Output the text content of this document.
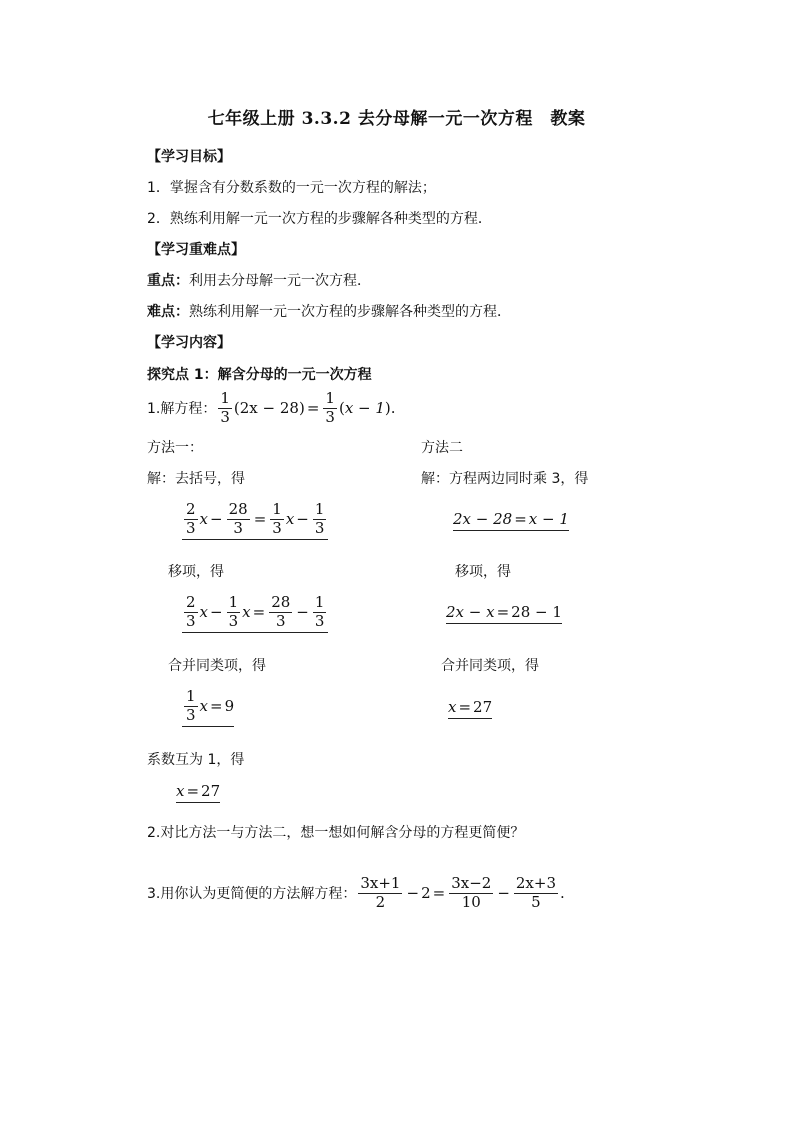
七年级上册 3.3.2 去分母解一元一次方程　教案
【学习目标】
1．掌握含有分数系数的一元一次方程的解法；
2．熟练利用解一元一次方程的步骤解各种类型的方程．
【学习重难点】
重点：利用去分母解一元一次方程．
难点：熟练利用解一元一次方程的步骤解各种类型的方程．
【学习内容】
探究点 1：解含分母的一元一次方程
1.解方程： $\frac{1}{3}$ ( 2x − 28 ) = $\frac{1}{3}$ ( x − 1 ) .
方法一：	方法二
解：去括号，得	解：方程两边同时乘 3，得
$\frac{2}{3}$ $x - \frac{28}{3} = \frac{1}{3}$ $x - \frac{1}{3}$	2x − 28 = x − 1
移项，得	移项，得
$\frac{2}{3}$ $x - \frac{1}{3}$ $x = \frac{28}{3} - \frac{1}{3}$	2x − x = 28 − 1
合并同类项，得	合并同类项，得
$\frac{1}{3}$ x = 9	x = 27
系数互为 1，得
x = 27
2.对比方法一与方法二，想一想如何解含分母的方程更简便？
3.用你认为更简便的方法解方程： $\frac{3x+1}{2} - 2 = \frac{3x-2}{10} - \frac{2x+3}{5}$ .
